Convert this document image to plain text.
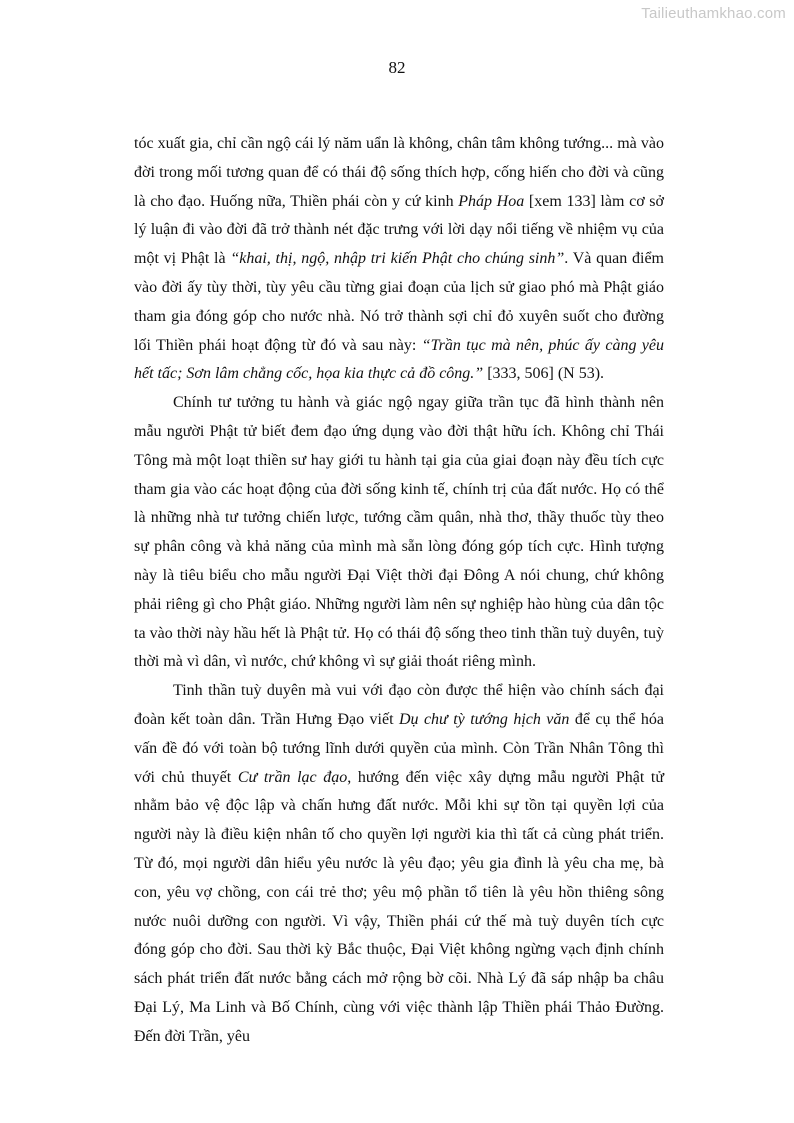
Tailieuthamkhao.com
82

tóc xuất gia, chỉ cần ngộ cái lý năm uẩn là không, chân tâm không tướng... mà vào đời trong mối tương quan để có thái độ sống thích hợp, cống hiến cho đời và cũng là cho đạo. Huống nữa, Thiền phái còn y cứ kinh Pháp Hoa [xem 133] làm cơ sở lý luận đi vào đời đã trở thành nét đặc trưng với lời dạy nổi tiếng về nhiệm vụ của một vị Phật là “khai, thị, ngộ, nhập tri kiến Phật cho chúng sinh”. Và quan điểm vào đời ấy tùy thời, tùy yêu cầu từng giai đoạn của lịch sử giao phó mà Phật giáo tham gia đóng góp cho nước nhà. Nó trở thành sợi chỉ đỏ xuyên suốt cho đường lối Thiền phái hoạt động từ đó và sau này: “Trần tục mà nên, phúc ấy càng yêu hết tấc; Sơn lâm chẳng cốc, họa kia thực cả đồ công.” [333, 506] (N 53).

Chính tư tưởng tu hành và giác ngộ ngay giữa trần tục đã hình thành nên mẫu người Phật tử biết đem đạo ứng dụng vào đời thật hữu ích. Không chỉ Thái Tông mà một loạt thiền sư hay giới tu hành tại gia của giai đoạn này đều tích cực tham gia vào các hoạt động của đời sống kinh tế, chính trị của đất nước. Họ có thể là những nhà tư tưởng chiến lược, tướng cầm quân, nhà thơ, thầy thuốc tùy theo sự phân công và khả năng của mình mà sẵn lòng đóng góp tích cực. Hình tượng này là tiêu biểu cho mẫu người Đại Việt thời đại Đông A nói chung, chứ không phải riêng gì cho Phật giáo. Những người làm nên sự nghiệp hào hùng của dân tộc ta vào thời này hầu hết là Phật tử. Họ có thái độ sống theo tinh thần tuỳ duyên, tuỳ thời mà vì dân, vì nước, chứ không vì sự giải thoát riêng mình.

Tinh thần tuỳ duyên mà vui với đạo còn được thể hiện vào chính sách đại đoàn kết toàn dân. Trần Hưng Đạo viết Dụ chư tỳ tướng hịch văn để cụ thể hóa vấn đề đó với toàn bộ tướng lĩnh dưới quyền của mình. Còn Trần Nhân Tông thì với chủ thuyết Cư trần lạc đạo, hướng đến việc xây dựng mẫu người Phật tử nhằm bảo vệ độc lập và chấn hưng đất nước. Mỗi khi sự tồn tại quyền lợi của người này là điều kiện nhân tố cho quyền lợi người kia thì tất cả cùng phát triển. Từ đó, mọi người dân hiểu yêu nước là yêu đạo; yêu gia đình là yêu cha mẹ, bà con, yêu vợ chồng, con cái trẻ thơ; yêu mộ phần tổ tiên là yêu hồn thiêng sông nước nuôi dưỡng con người. Vì vậy, Thiền phái cứ thế mà tuỳ duyên tích cực đóng góp cho đời. Sau thời kỳ Bắc thuộc, Đại Việt không ngừng vạch định chính sách phát triển đất nước bằng cách mở rộng bờ cõi. Nhà Lý đã sáp nhập ba châu Đại Lý, Ma Linh và Bố Chính, cùng với việc thành lập Thiền phái Thảo Đường. Đến đời Trần, yêu
